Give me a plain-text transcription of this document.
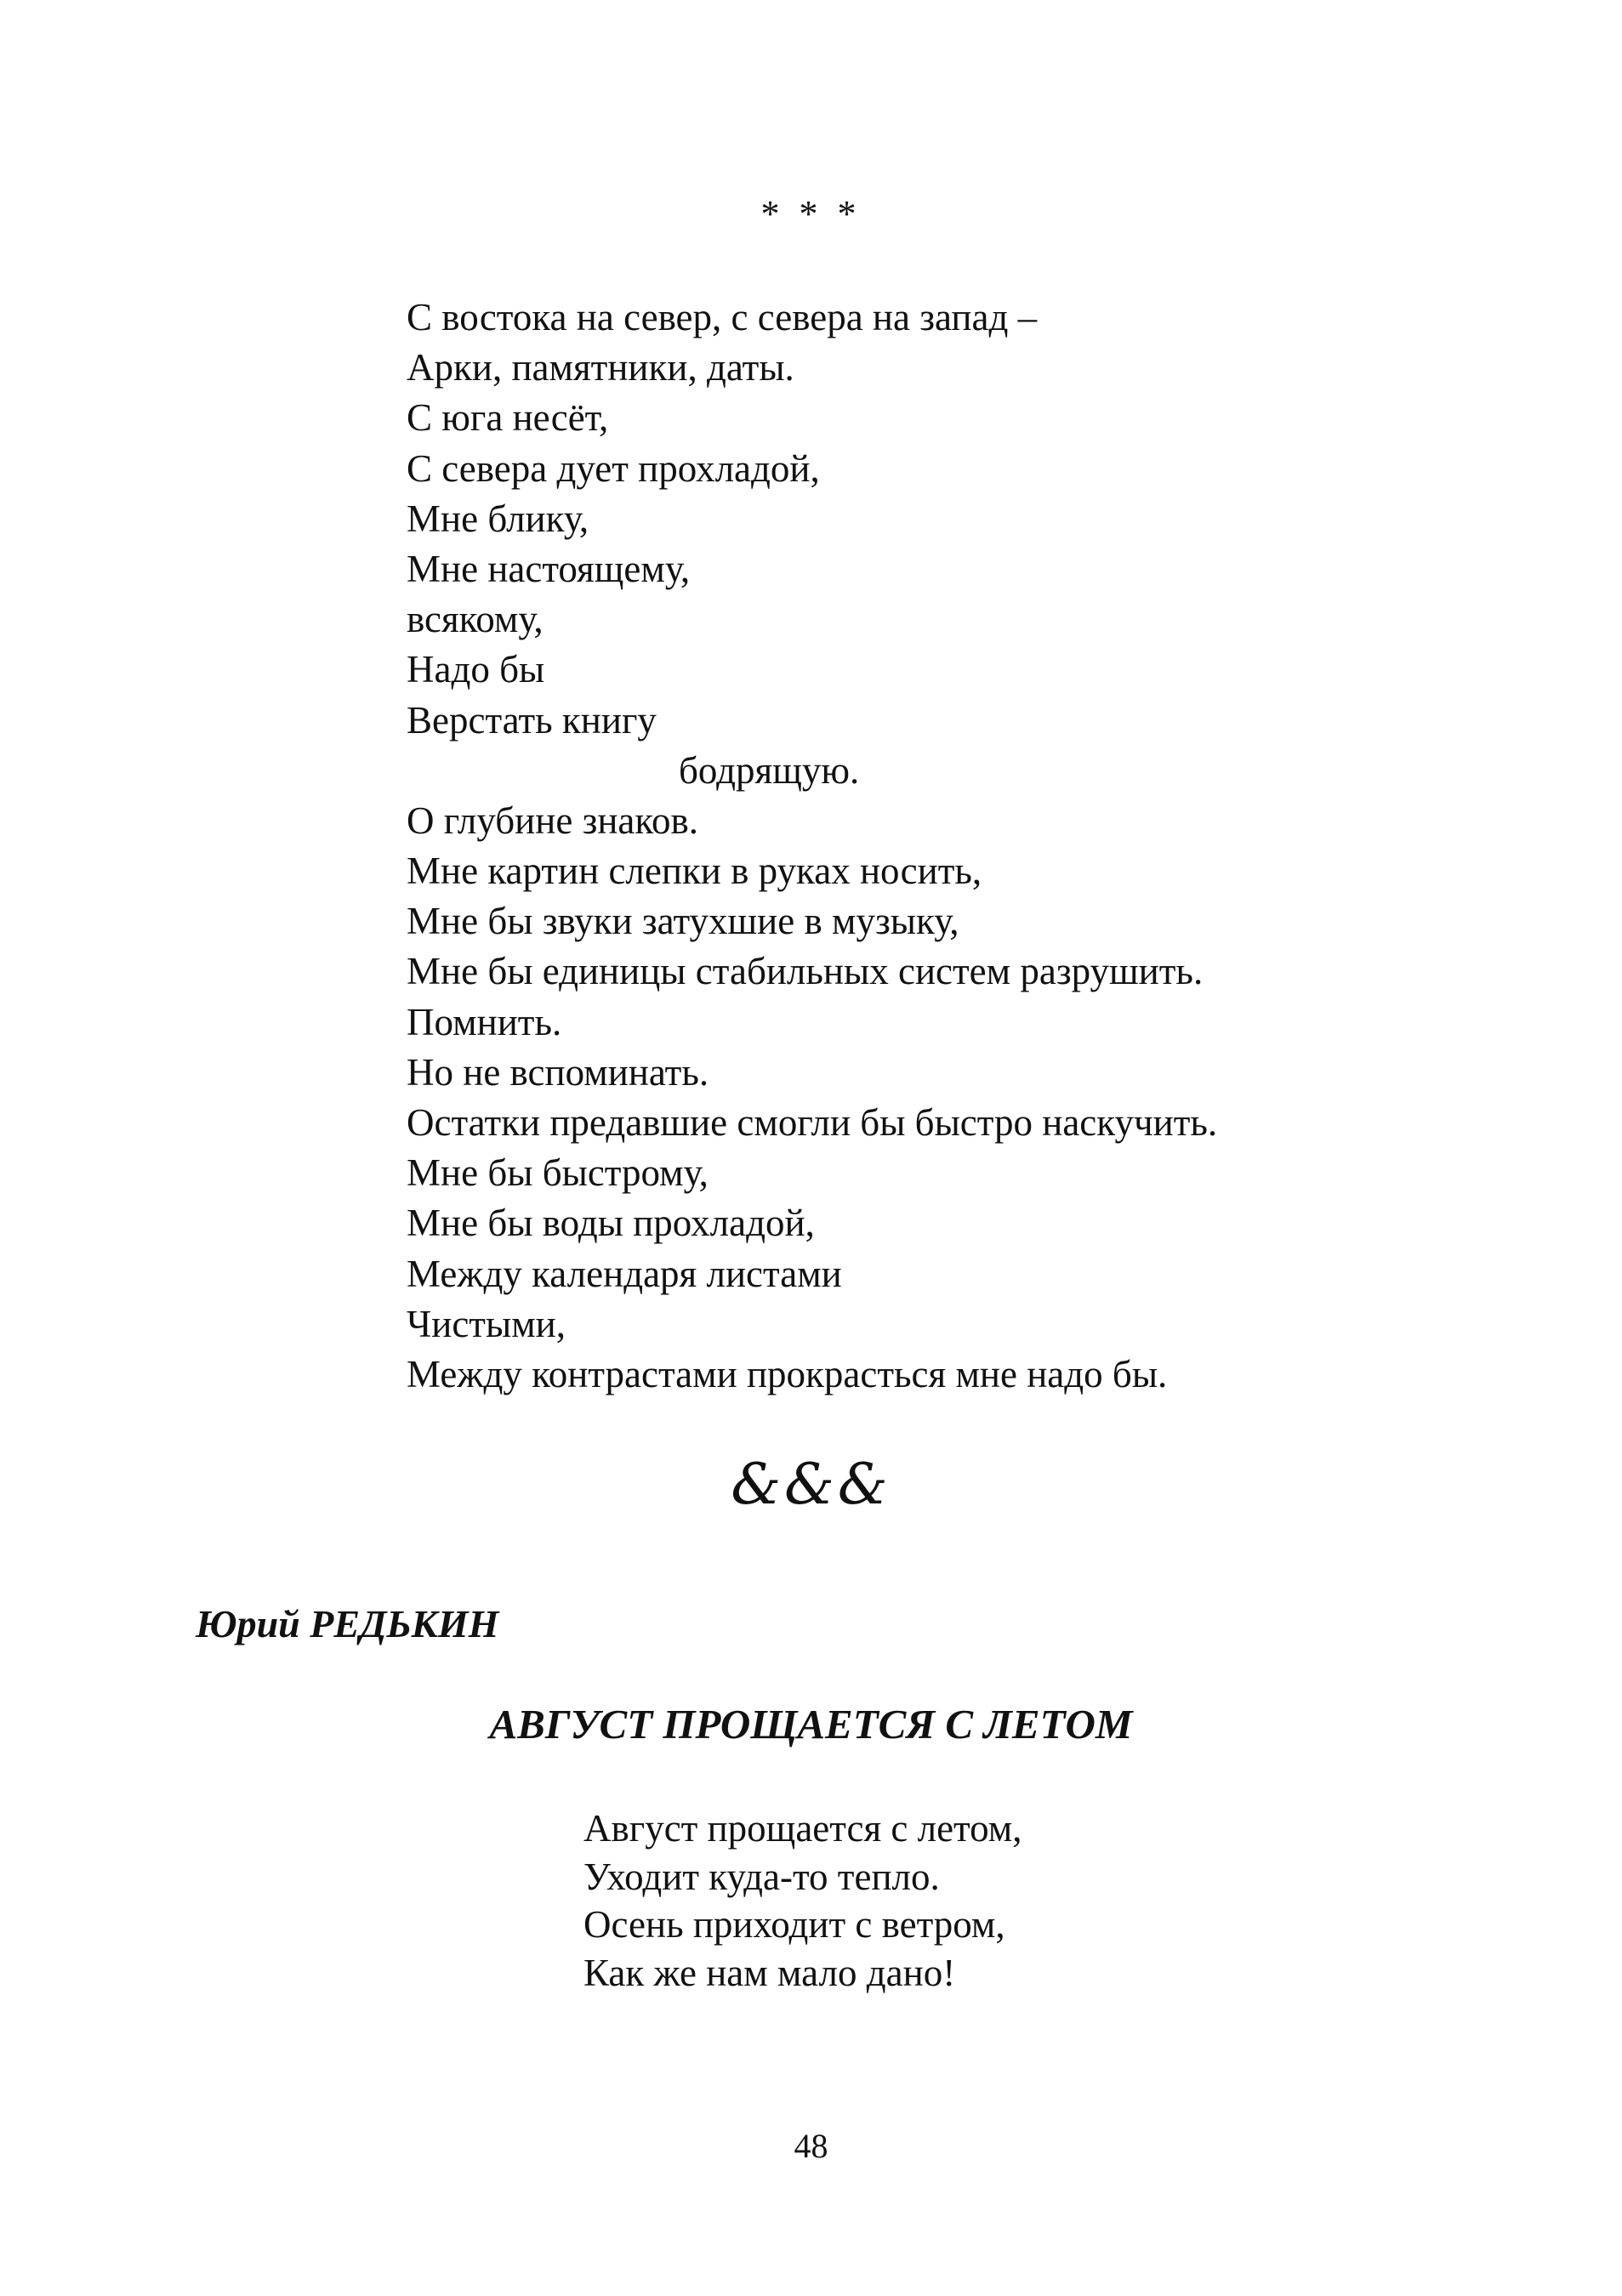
* * *
С востока на север, с севера на запад –
Арки, памятники, даты.
С юга несёт,
С севера дует прохладой,
Мне блику,
Мне настоящему,
всякому,
Надо бы
Верстать книгу
бодрящую.
О глубине знаков.
Мне картин слепки в руках носить,
Мне бы звуки затухшие в музыку,
Мне бы единицы стабильных систем разрушить.
Помнить.
Но не вспоминать.
Остатки предавшие смогли бы быстро наскучить.
Мне бы быстрому,
Мне бы воды прохладой,
Между календаря листами
Чистыми,
Между контрастами прокрасться мне надо бы.
&&&
Юрий РЕДЬКИН
АВГУСТ ПРОЩАЕТСЯ С ЛЕТОМ
Август прощается с летом,
Уходит куда-то тепло.
Осень приходит с ветром,
Как же нам мало дано!
48
